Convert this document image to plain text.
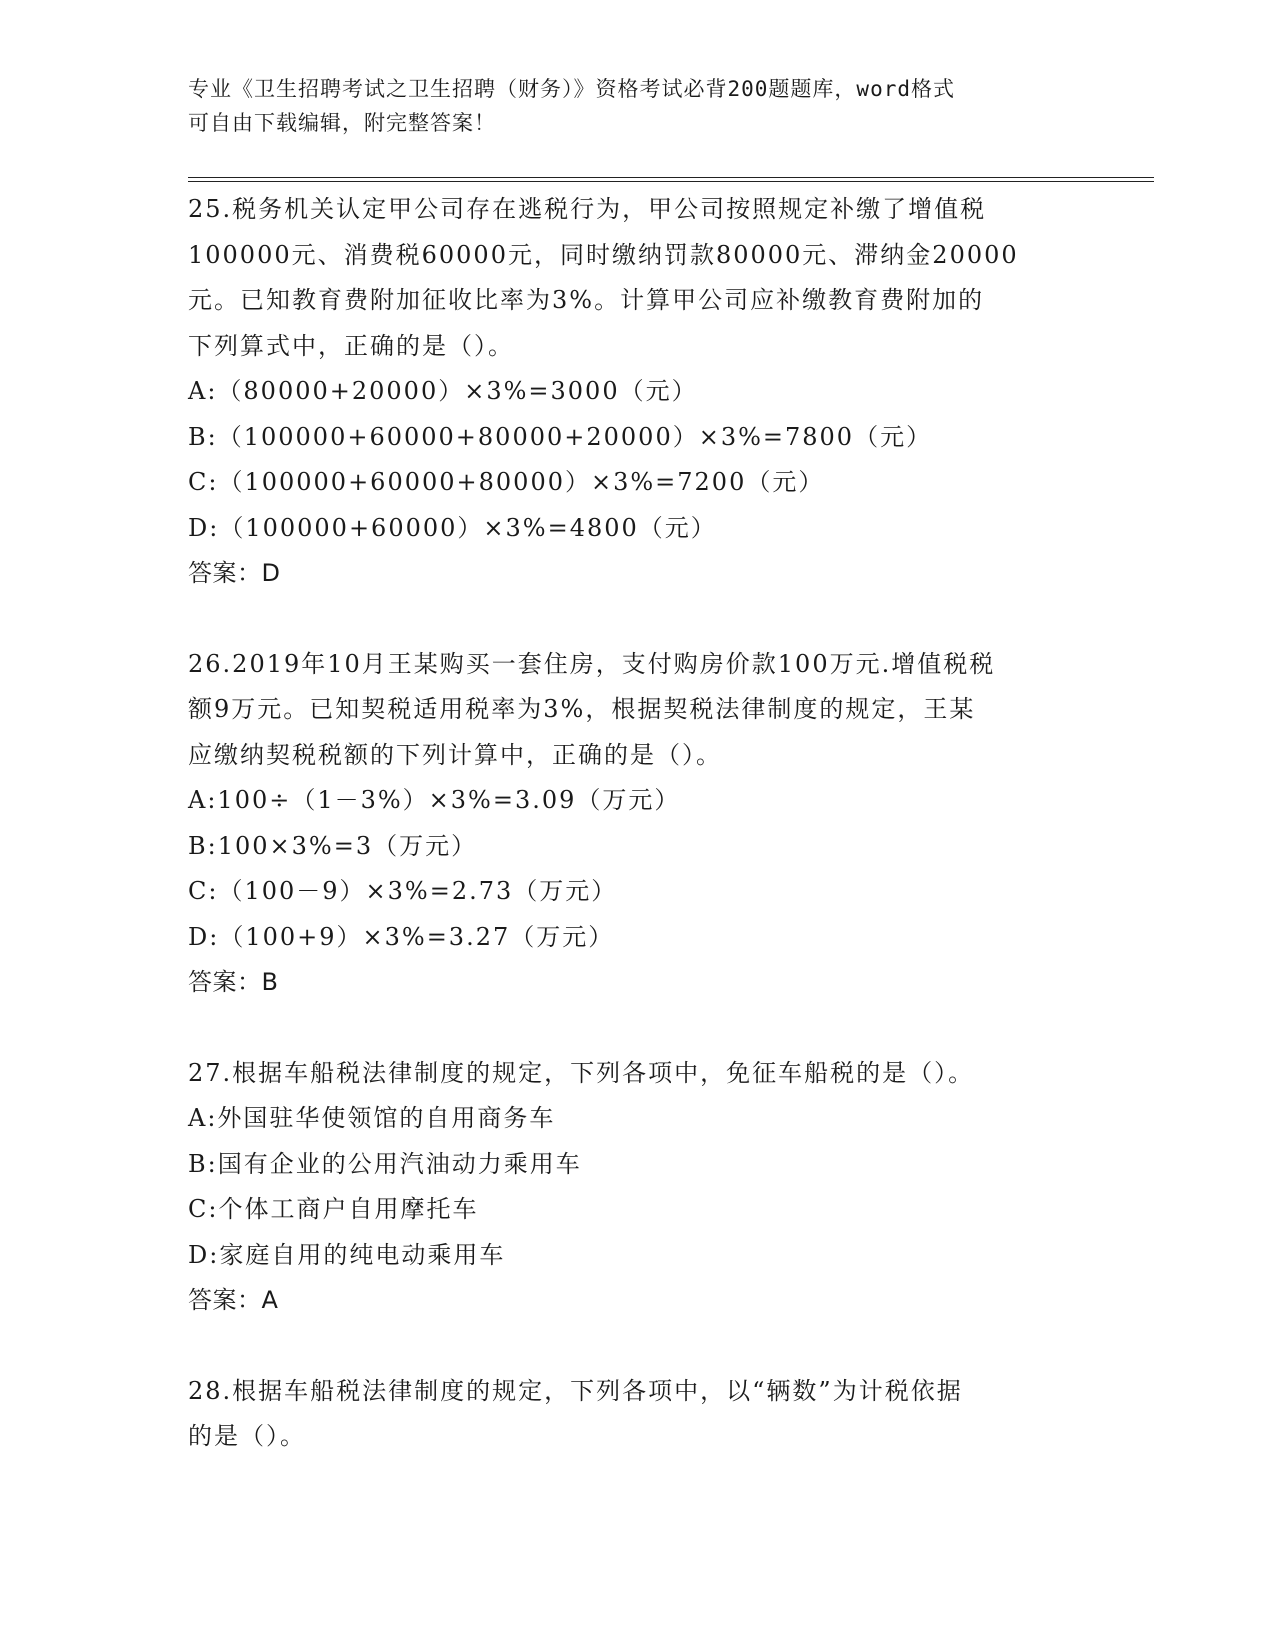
专业《卫生招聘考试之卫生招聘（财务）》资格考试必背200题题库，word格式

可自由下载编辑，附完整答案！

25.税务机关认定甲公司存在逃税行为，甲公司按照规定补缴了增值税

100000元、消费税60000元，同时缴纳罚款80000元、滞纳金20000

元。已知教育费附加征收比率为3%。计算甲公司应补缴教育费附加的

下列算式中，正确的是（）。

A:（80000+20000）×3%=3000（元）

B:（100000+60000+80000+20000）×3%=7800（元）

C:（100000+60000+80000）×3%=7200（元）

D:（100000+60000）×3%=4800（元）

答案：D

26.2019年10月王某购买一套住房，支付购房价款100万元.增值税税

额9万元。已知契税适用税率为3%，根据契税法律制度的规定，王某

应缴纳契税税额的下列计算中，正确的是（）。

A:100÷（1－3%）×3%=3.09（万元）

B:100×3%=3（万元）

C:（100－9）×3%=2.73（万元）

D:（100+9）×3%=3.27（万元）

答案：B

27.根据车船税法律制度的规定，下列各项中，免征车船税的是（）。

A:外国驻华使领馆的自用商务车

B:国有企业的公用汽油动力乘用车

C:个体工商户自用摩托车

D:家庭自用的纯电动乘用车

答案：A

28.根据车船税法律制度的规定，下列各项中，以“辆数”为计税依据

的是（）。
